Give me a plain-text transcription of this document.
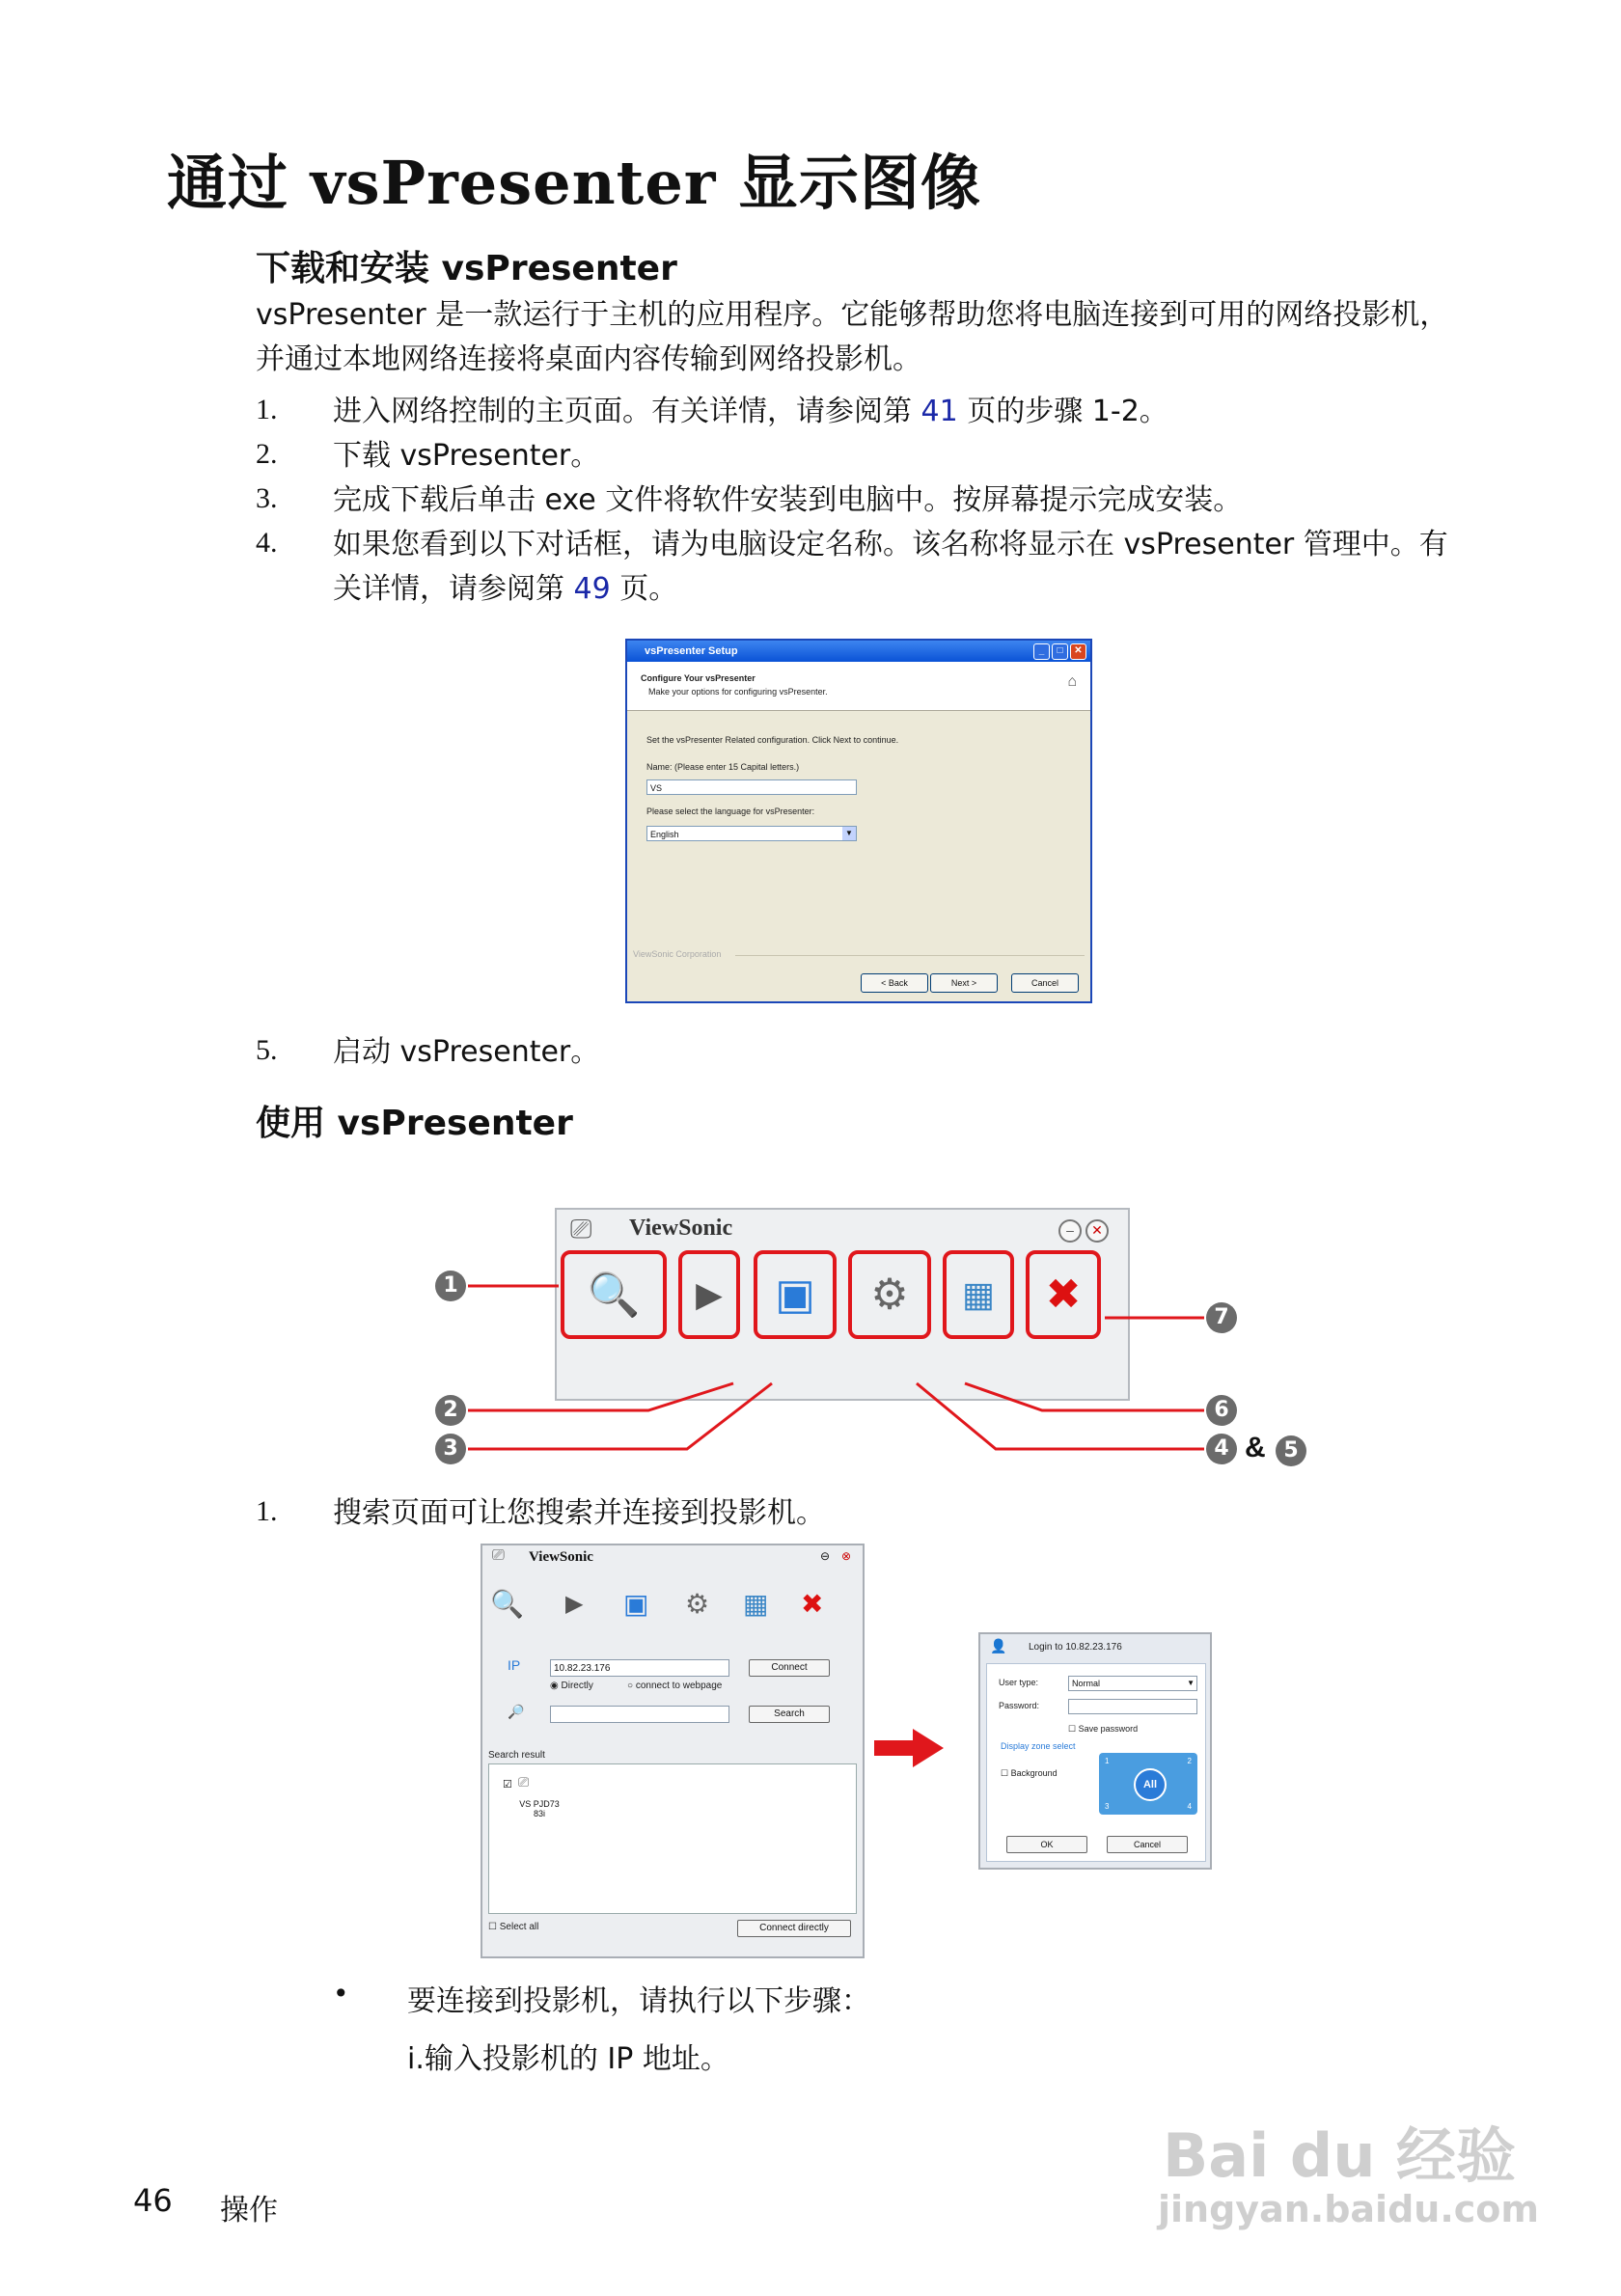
通过 vsPresenter 显示图像
下载和安装 vsPresenter

vsPresenter 是一款运行于主机的应用程序。它能够帮助您将电脑连接到可用的网络投影机，并通过本地网络连接将桌面内容传输到网络投影机。

1. 进入网络控制的主页面。有关详情，请参阅第 41 页的步骤 1-2。
2. 下载 vsPresenter。
3. 完成下载后单击 exe 文件将软件安装到电脑中。按屏幕提示完成安装。
4. 如果您看到以下对话框，请为电脑设定名称。该名称将显示在 vsPresenter 管理中。有关详情，请参阅第 49 页。
vsPresenter Setup	_	□	✕
Configure Your vsPresenter
Make your options for configuring vsPresenter.
⌂
Set the vsPresenter Related configuration. Click Next to continue.
Name: (Please enter 15 Capital letters.)
VS
Please select the language for vsPresenter:
English	▼
ViewSonic Corporation
< Back	Next >	Cancel
5. 启动 vsPresenter。
使用 vsPresenter
⎚ ViewSonic	–	✕
🔍 ▶ ▣ ⚙ ▦ ✖
1
2
3	4 & 5
6
7
1. 搜索页面可让您搜索并连接到投影机。
⎚ ViewSonic	⊖ ⊗
🔍 ▶ ▣ ⚙ ▦ ✖
IP	10.82.23.176	Connect
◉ Directly	○ connect to webpage
🔎	Search
Search result
☑ ⎚
VS PJD73 83i
☐ Select all	Connect directly
👤 Login to 10.82.23.176
User type:	Normal	▼
Password:
☐ Save password
Display zone select
☐ Background
All
1	2
3	4
OK	Cancel
• 要连接到投影机，请执行以下步骤：
i.输入投影机的 IP 地址。
46 操作
Bai du 经验
jingyan.baidu.com
